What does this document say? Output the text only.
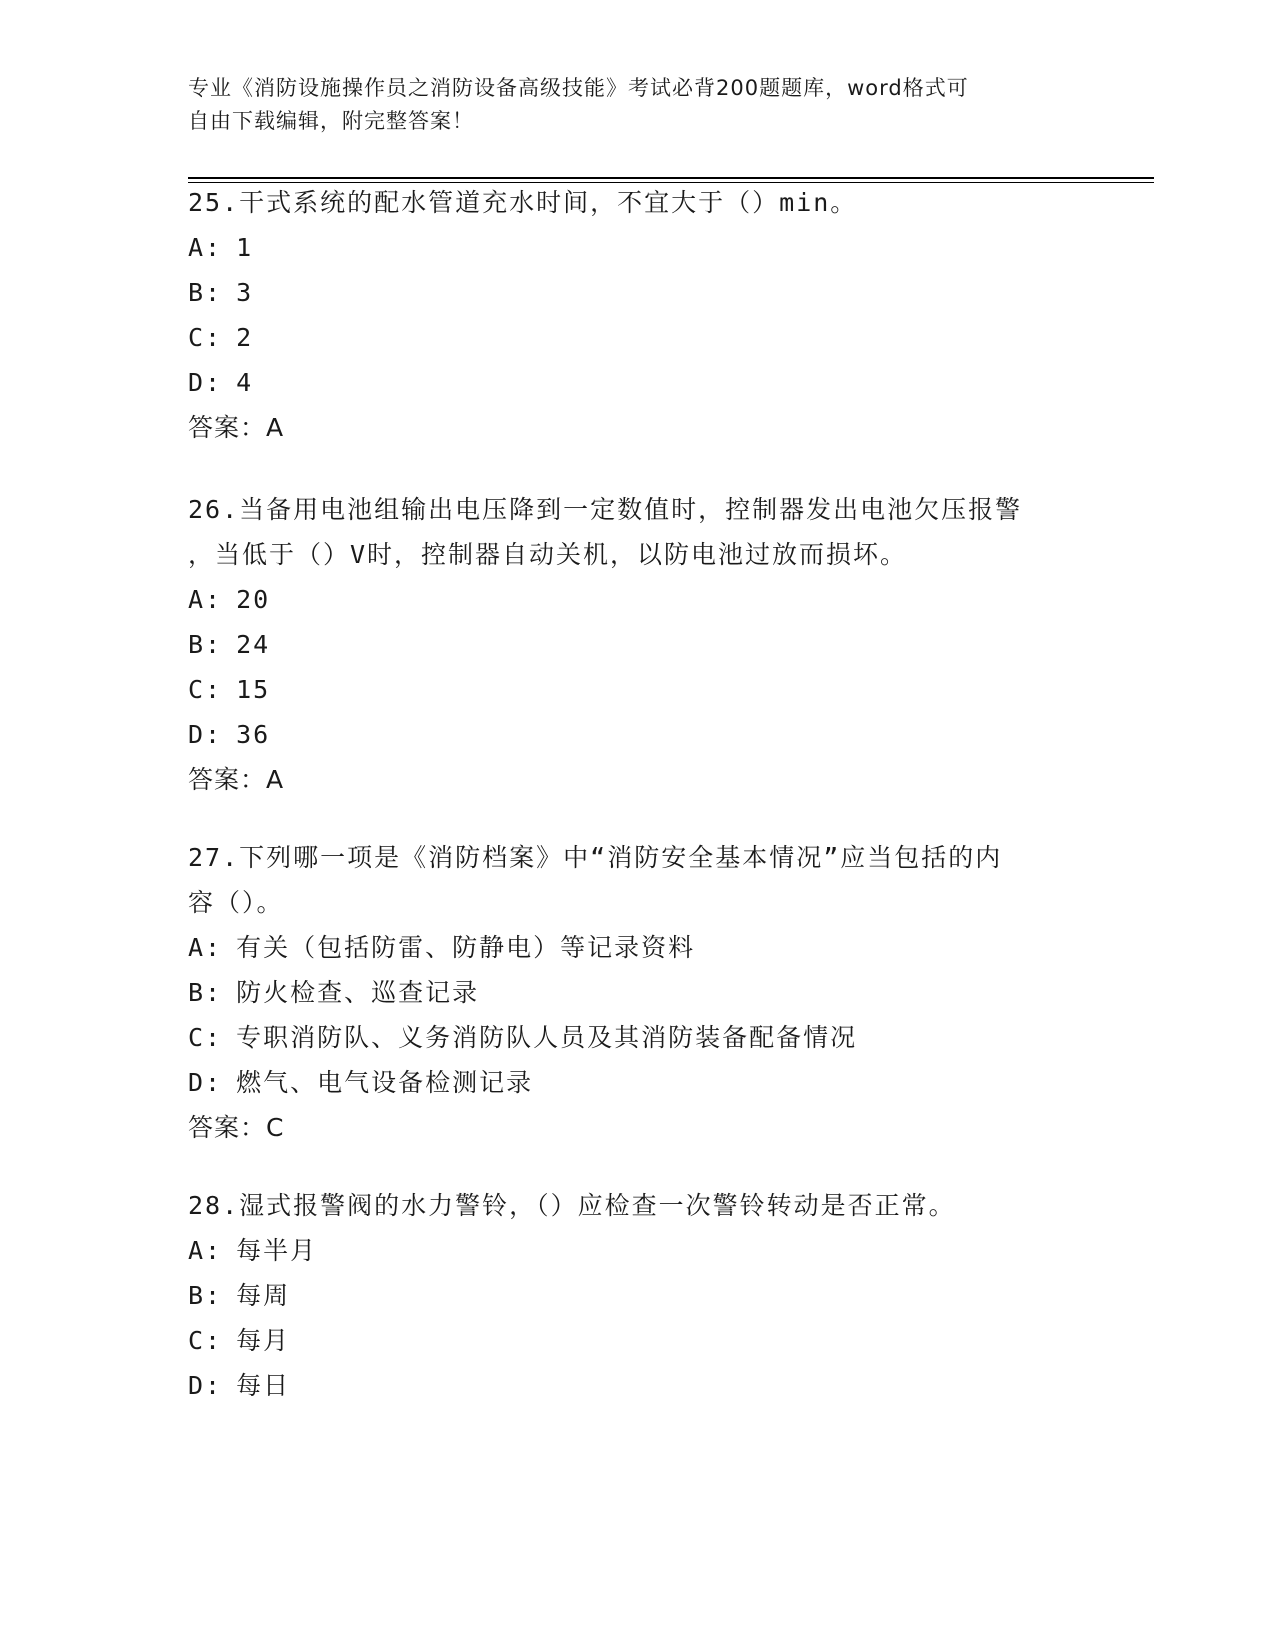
专业《消防设施操作员之消防设备高级技能》考试必背200题题库，word格式可
自由下载编辑，附完整答案！

25.干式系统的配水管道充水时间，不宜大于（）min。

A: 1

B: 3

C: 2

D: 4

答案：A

26.当备用电池组输出电压降到一定数值时，控制器发出电池欠压报警

，当低于（）V时，控制器自动关机，以防电池过放而损坏。

A: 20

B: 24

C: 15

D: 36

答案：A

27.下列哪一项是《消防档案》中“消防安全基本情况”应当包括的内

容（）。

A: 有关（包括防雷、防静电）等记录资料

B: 防火检查、巡查记录

C: 专职消防队、义务消防队人员及其消防装备配备情况

D: 燃气、电气设备检测记录

答案：C

28.湿式报警阀的水力警铃，（）应检查一次警铃转动是否正常。

A: 每半月

B: 每周

C: 每月

D: 每日
